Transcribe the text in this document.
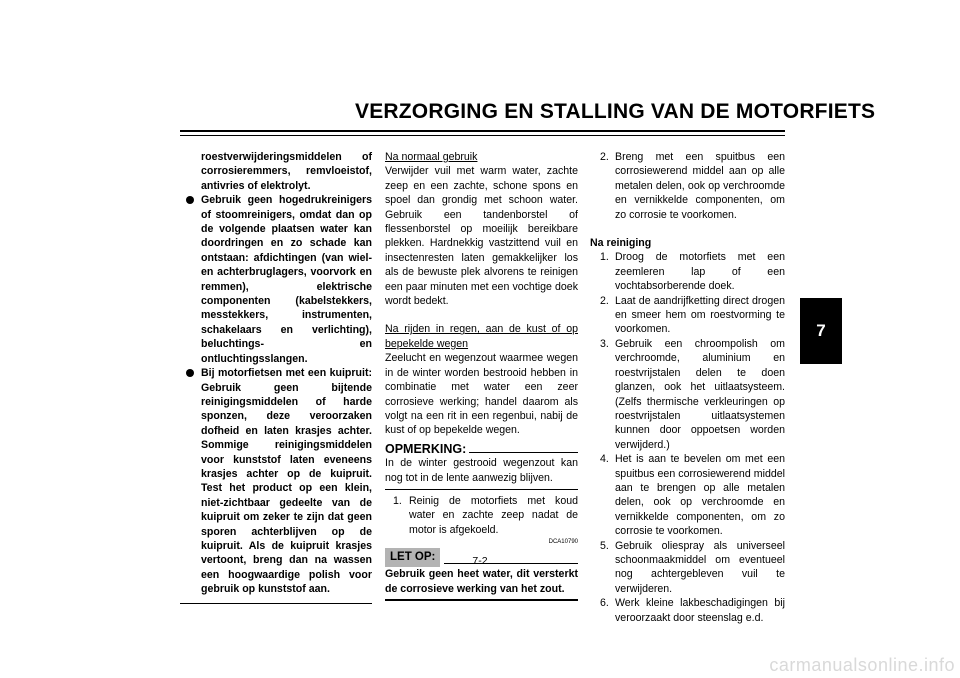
VERZORGING EN STALLING VAN DE MOTORFIETS

roestverwijderingsmiddelen of corrosieremmers, remvloeistof, antivries of elektrolyt.

Gebruik geen hogedrukreinigers of stoomreinigers, omdat dan op de volgende plaatsen water kan doordringen en zo schade kan ontstaan: afdichtingen (van wiel- en achterbruglagers, voorvork en remmen), elektrische componenten (kabelstekkers, messtekkers, instrumenten, schakelaars en verlichting), beluchtings- en ontluchtingsslangen.

Bij motorfietsen met een kuipruit: Gebruik geen bijtende reinigingsmiddelen of harde sponzen, deze veroorzaken dofheid en laten krasjes achter. Sommige reinigingsmiddelen voor kunststof laten eveneens krasjes achter op de kuipruit. Test het product op een klein, niet-zichtbaar gedeelte van de kuipruit om zeker te zijn dat geen sporen achterblijven op de kuipruit. Als de kuipruit krasjes vertoont, breng dan na wassen een hoogwaardige polish voor gebruik op kunststof aan.

Na normaal gebruik

Verwijder vuil met warm water, zachte zeep en een zachte, schone spons en spoel dan grondig met schoon water. Gebruik een tandenborstel of flessenborstel op moeilijk bereikbare plekken. Hardnekkig vastzittend vuil en insectenresten laten gemakkelijker los als de bewuste plek alvorens te reinigen een paar minuten met een vochtige doek wordt bedekt.

Na rijden in regen, aan de kust of op bepekelde wegen

Zeelucht en wegenzout waarmee wegen in de winter worden bestrooid hebben in combinatie met water een zeer corrosieve werking; handel daarom als volgt na een rit in een regenbui, nabij de kust of op bepekelde wegen.

OPMERKING:

In de winter gestrooid wegenzout kan nog tot in de lente aanwezig blijven.

1. Reinig de motorfiets met koud water en zachte zeep nadat de motor is afgekoeld.

DCA10790
LET OP:

Gebruik geen heet water, dit versterkt de corrosieve werking van het zout.

2. Breng met een spuitbus een corrosiewerend middel aan op alle metalen delen, ook op verchroomde en vernikkelde componenten, om zo corrosie te voorkomen.

Na reiniging

1. Droog de motorfiets met een zeemleren lap of een vochtabsorberende doek.

2. Laat de aandrijfketting direct drogen en smeer hem om roestvorming te voorkomen.

3. Gebruik een chroompolish om verchroomde, aluminium en roestvrijstalen delen te doen glanzen, ook het uitlaatsysteem. (Zelfs thermische verkleuringen op roestvrijstalen uitlaatsystemen kunnen door oppoetsen worden verwijderd.)

4. Het is aan te bevelen om met een spuitbus een corrosiewerend middel aan te brengen op alle metalen delen, ook op verchroomde en vernikkelde componenten, om zo corrosie te voorkomen.

5. Gebruik oliespray als universeel schoonmaakmiddel om eventueel nog achtergebleven vuil te verwijderen.

6. Werk kleine lakbeschadigingen bij veroorzaakt door steenslag e.d.

7-2
7
carmanualsonline.info
